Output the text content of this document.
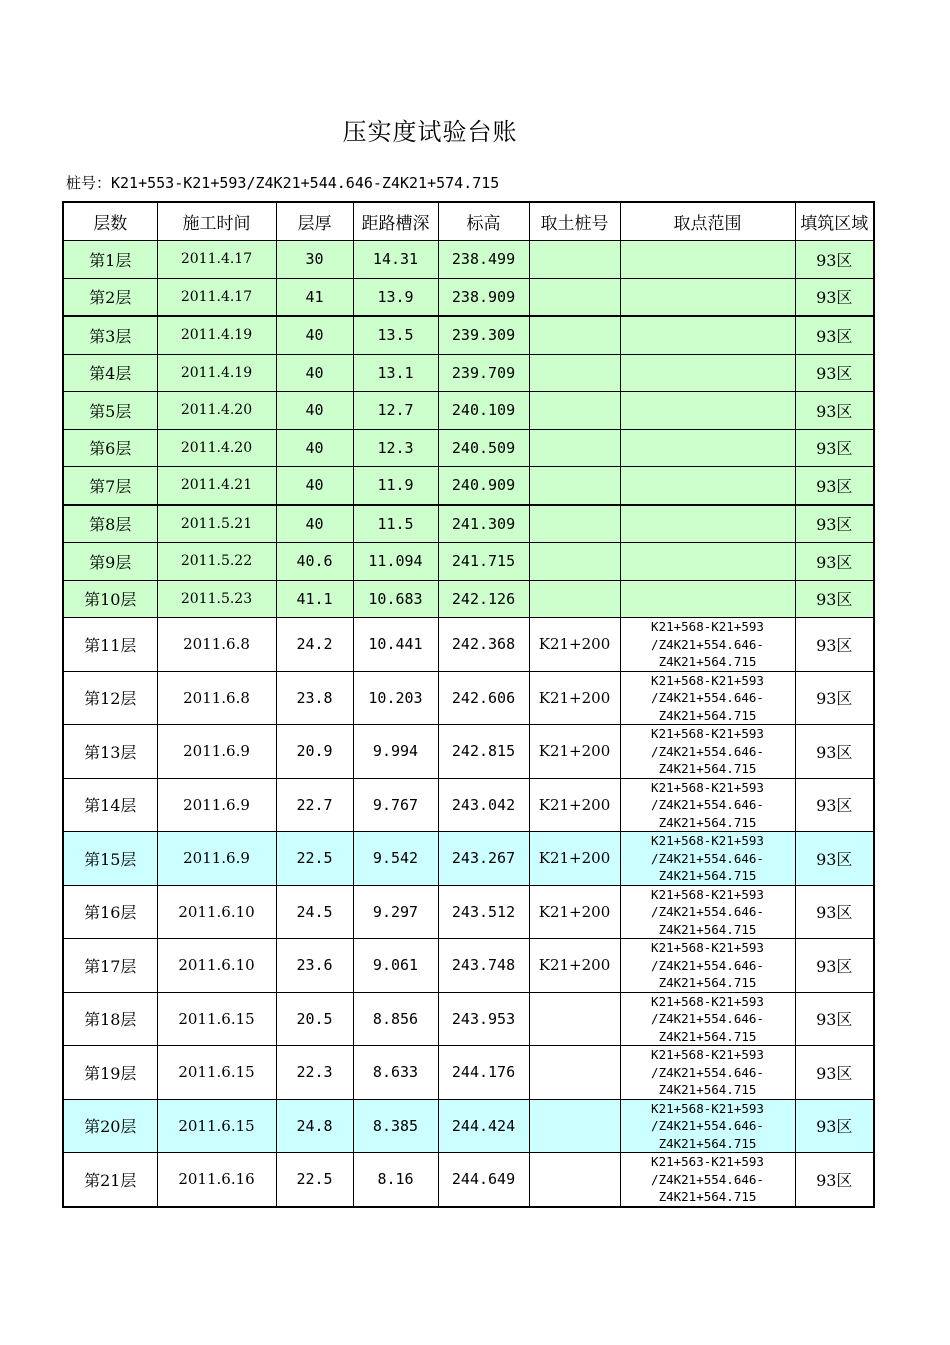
压实度试验台账
桩号：K21+553-K21+593/Z4K21+544.646-Z4K21+574.715
层数	施工时间	层厚	距路槽深	标高	取土桩号	取点范围	填筑区域
第1层	2011.4.17	30	14.31	238.499			93区
第2层	2011.4.17	41	13.9	238.909			93区
第3层	2011.4.19	40	13.5	239.309			93区
第4层	2011.4.19	40	13.1	239.709			93区
第5层	2011.4.20	40	12.7	240.109			93区
第6层	2011.4.20	40	12.3	240.509			93区
第7层	2011.4.21	40	11.9	240.909			93区
第8层	2011.5.21	40	11.5	241.309			93区
第9层	2011.5.22	40.6	11.094	241.715			93区
第10层	2011.5.23	41.1	10.683	242.126			93区
第11层	2011.6.8	24.2	10.441	242.368	K21+200	K21+568-K21+593 /Z4K21+554.646- Z4K21+564.715	93区
第12层	2011.6.8	23.8	10.203	242.606	K21+200	K21+568-K21+593 /Z4K21+554.646- Z4K21+564.715	93区
第13层	2011.6.9	20.9	9.994	242.815	K21+200	K21+568-K21+593 /Z4K21+554.646- Z4K21+564.715	93区
第14层	2011.6.9	22.7	9.767	243.042	K21+200	K21+568-K21+593 /Z4K21+554.646- Z4K21+564.715	93区
第15层	2011.6.9	22.5	9.542	243.267	K21+200	K21+568-K21+593 /Z4K21+554.646- Z4K21+564.715	93区
第16层	2011.6.10	24.5	9.297	243.512	K21+200	K21+568-K21+593 /Z4K21+554.646- Z4K21+564.715	93区
第17层	2011.6.10	23.6	9.061	243.748	K21+200	K21+568-K21+593 /Z4K21+554.646- Z4K21+564.715	93区
第18层	2011.6.15	20.5	8.856	243.953		K21+568-K21+593 /Z4K21+554.646- Z4K21+564.715	93区
第19层	2011.6.15	22.3	8.633	244.176		K21+568-K21+593 /Z4K21+554.646- Z4K21+564.715	93区
第20层	2011.6.15	24.8	8.385	244.424		K21+568-K21+593 /Z4K21+554.646- Z4K21+564.715	93区
第21层	2011.6.16	22.5	8.16	244.649		K21+563-K21+593 /Z4K21+554.646- Z4K21+564.715	93区
